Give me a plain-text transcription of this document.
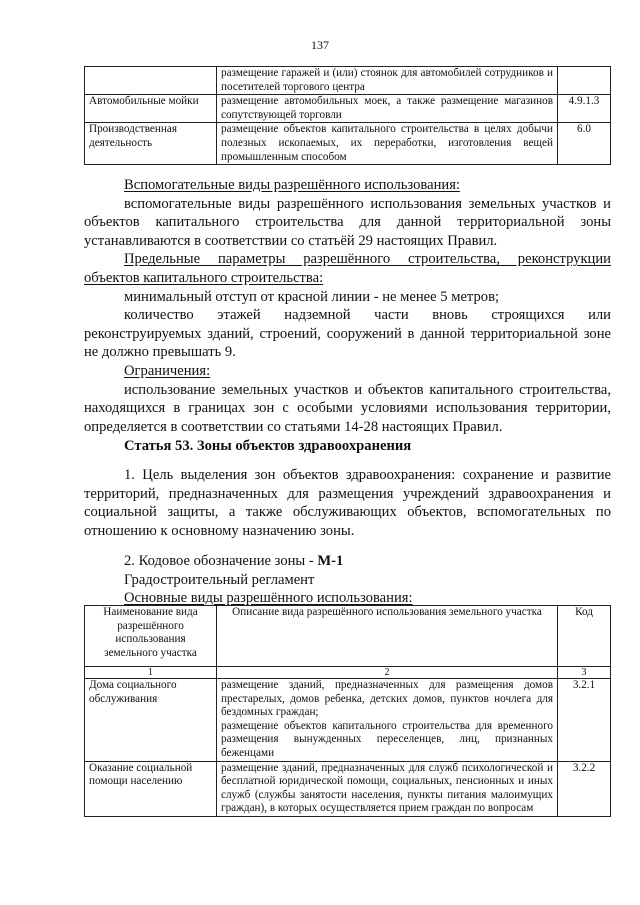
137
	размещение гаражей и (или) стоянок для автомобилей сотрудников и посетителей торгового центра	
Автомобильные мойки	размещение автомобильных моек, а также размещение магазинов сопутствующей торговли	4.9.1.3
Производственная деятельность	размещение объектов капитального строительства в целях добычи полезных ископаемых, их переработки, изготовления вещей промышленным способом	6.0
Вспомогательные виды разрешённого использования:
вспомогательные виды разрешённого использования земельных участков и
объектов капитального строительства для данной территориальной зоны
устанавливаются в соответствии со статьёй 29 настоящих Правил.
Предельные параметры разрешённого строительства, реконструкции
объектов капитального строительства:
минимальный отступ от красной линии - не менее 5 метров;
количество этажей надземной части вновь строящихся или
реконструируемых зданий, строений, сооружений в данной территориальной зоне
не должно превышать 9.
Ограничения:
использование земельных участков и объектов капитального строительства,
находящихся в границах зон с особыми условиями использования территории,
определяется в соответствии со статьями 14-28 настоящих Правил.
Статья 53. Зоны объектов здравоохранения
1. Цель выделения зон объектов здравоохранения: сохранение и развитие
территорий, предназначенных для размещения учреждений здравоохранения и
социальной защиты, а также обслуживающих объектов, вспомогательных по
отношению к основному назначению зоны.
2. Кодовое обозначение зоны - М-1
Градостроительный регламент
Основные виды разрешённого использования:
Наименование вида разрешённого использования земельного участка	Описание вида разрешённого использования земельного участка	Код
1	2	3
Дома социального обслуживания	размещение зданий, предназначенных для размещения домов престарелых, домов ребенка, детских домов, пунктов ночлега для бездомных граждан;
размещение объектов капитального строительства для временного размещения вынужденных переселенцев, лиц, признанных беженцами	3.2.1
Оказание социальной помощи населению	размещение зданий, предназначенных для служб психологической и бесплатной юридической помощи, социальных, пенсионных и иных служб (службы занятости населения, пункты питания малоимущих граждан), в которых осуществляется прием граждан по вопросам	3.2.2
